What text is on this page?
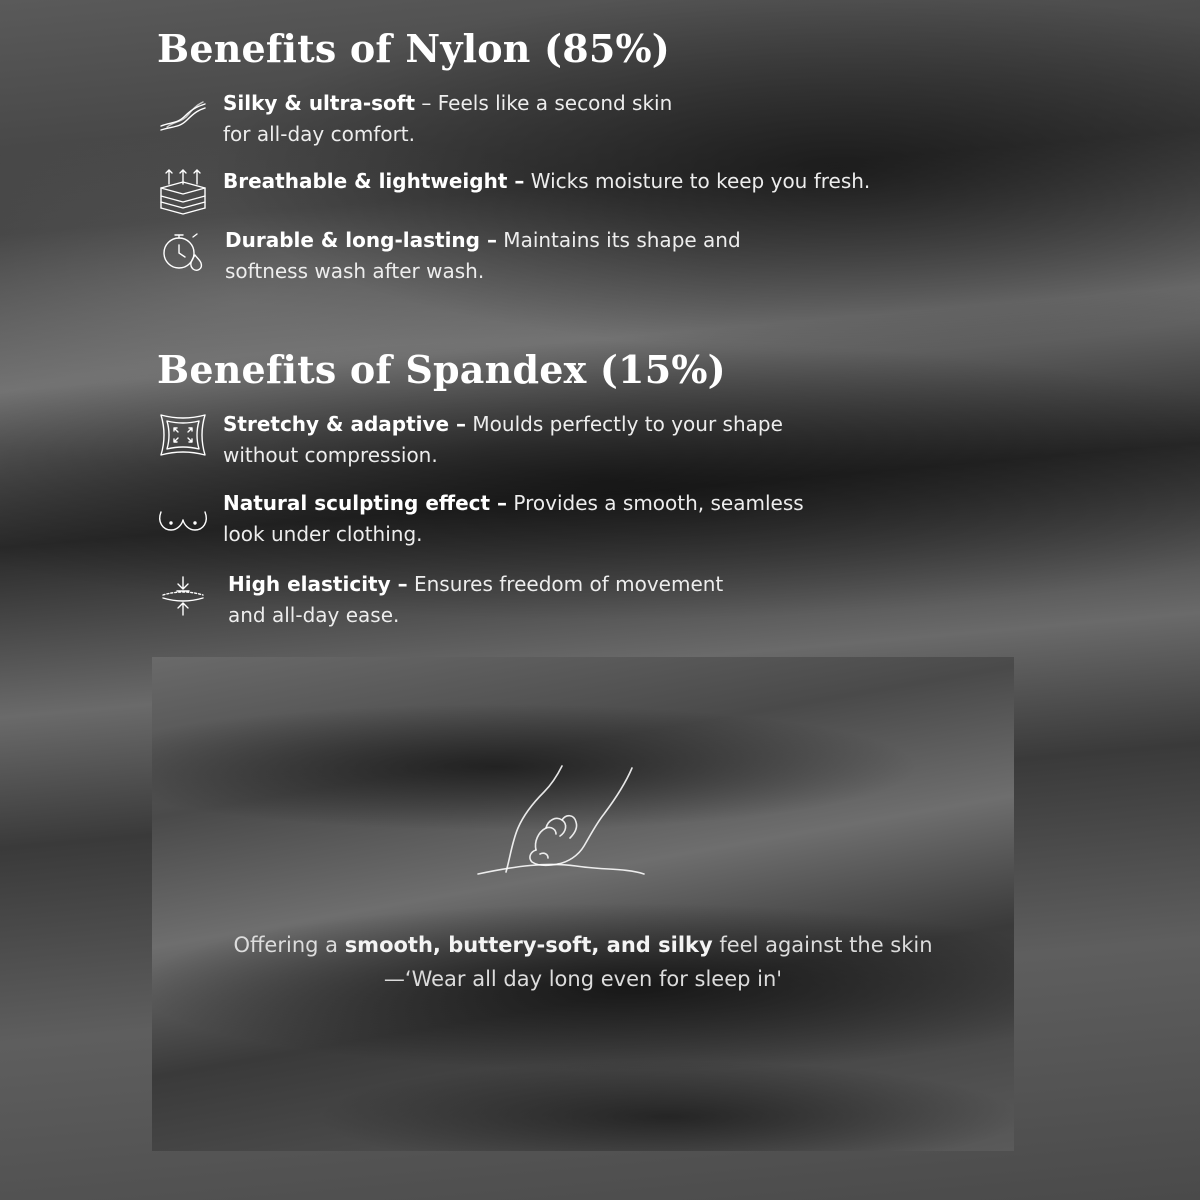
Benefits of Nylon (85%)
Silky & ultra-soft – Feels like a second skin
for all-day comfort.
Breathable & lightweight – Wicks moisture to keep you fresh.
Durable & long-lasting – Maintains its shape and
softness wash after wash.
Benefits of Spandex (15%)
Stretchy & adaptive – Moulds perfectly to your shape
without compression.
Natural sculpting effect – Provides a smooth, seamless
look under clothing.
High elasticity – Ensures freedom of movement
and all-day ease.
Offering a smooth, buttery-soft, and silky feel against the skin
—‘Wear all day long even for sleep in'
